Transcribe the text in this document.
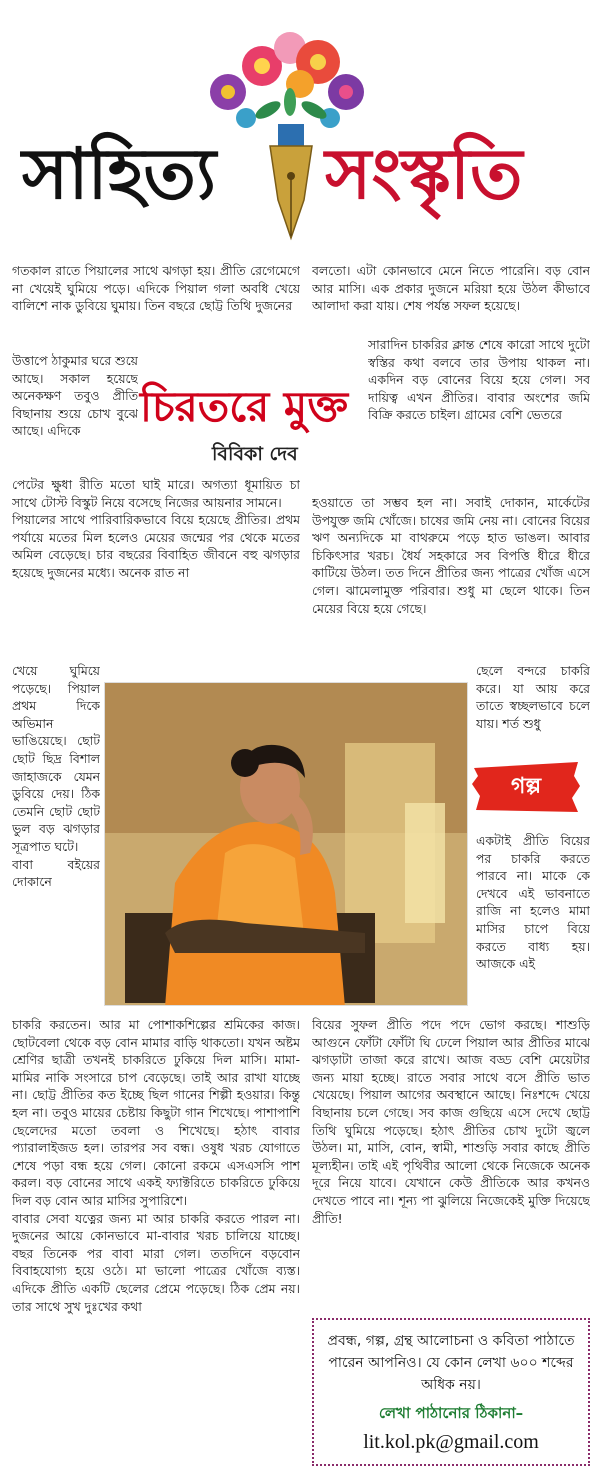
সাহিত্য সংস্কৃতি

গতকাল রাতে পিয়ালের সাথে ঝগড়া হয়। প্রীতি রেগেমেগে না খেয়েই ঘুমিয়ে পড়ে। এদিকে পিয়াল গলা অবধি খেয়ে বালিশে নাক ডুবিয়ে ঘুমায়। তিন বছরে ছোট্ট তিথি দুজনের

উত্তাপে ঠাকুমার ঘরে শুয়ে আছে। সকাল হয়েছে অনেকক্ষণ তবুও প্রীতি বিছানায় শুয়ে চোখ বুঝে আছে। এদিকে	চিরতরে মুক্ত
বিবিকা দেব

পেটের ক্ষুধা রীতি মতো ঘাই মারে। অগত্যা ধূমায়িত চা সাথে টোস্ট বিস্কুট নিয়ে বসেছে নিজের আয়নার সামনে।

পিয়ালের সাথে পারিবারিকভাবে বিয়ে হয়েছে প্রীতির। প্রথম পর্যায়ে মতের মিল হলেও মেয়ের জন্মের পর থেকে মতের অমিল বেড়েছে। চার বছরের বিবাহিত জীবনে বহু ঝগড়ার হয়েছে দুজনের মধ্যে। অনেক রাত না

খেয়ে ঘুমিয়ে পড়েছে। পিয়াল প্রথম দিকে অভিমান ভাঙিয়েছে। ছোট ছোট ছিদ্র বিশাল জাহাজকে যেমন ডুবিয়ে দেয়। ঠিক তেমনি ছোট ছোট ভুল বড় ঝগড়ার সূত্রপাত ঘটে।

বাবা বইয়ের দোকানে

চাকরি করতেন। আর মা পোশাকশিল্পের শ্রমিকের কাজ। ছোটবেলা থেকে বড় বোন মামার বাড়ি থাকতো। যখন অষ্টম শ্রেণির ছাত্রী তখনই চাকরিতে ঢুকিয়ে দিল মাসি। মামা-মামির নাকি সংসারে চাপ বেড়েছে। তাই আর রাখা যাচ্ছে না। ছোট্ট প্রীতির কত ইচ্ছে ছিল গানের শিল্পী হওয়ার। কিন্তু হল না। তবুও মায়ের চেষ্টায় কিছুটা গান শিখেছে। পাশাপাশি ছেলেদের মতো তবলা ও শিখেছে। হঠাৎ বাবার প্যারালাইজড হল। তারপর সব বন্ধ। ওষুধ খরচ যোগাতে শেষে পড়া বন্ধ হয়ে গেল। কোনো রকমে এসএসসি পাশ করল। বড় বোনের সাথে একই ফ্যাক্টরিতে চাকরিতে ঢুকিয়ে দিল বড় বোন আর মাসির সুপারিশে।

বাবার সেবা যত্নের জন্য মা আর চাকরি করতে পারল না। দুজনের আয়ে কোনভাবে মা-বাবার খরচ চালিয়ে যাচ্ছে। বছর তিনেক পর বাবা মারা গেল। ততদিনে বড়বোন বিবাহযোগ্য হয়ে ওঠে। মা ভালো পাত্রের খোঁজে ব্যস্ত। এদিকে প্রীতি একটি ছেলের প্রেমে পড়েছে। ঠিক প্রেম নয়। তার সাথে সুখ দুঃখের কথা

বলতো। এটা কোনভাবে মেনে নিতে পারেনি। বড় বোন আর মাসি। এক প্রকার দুজনে মরিয়া হয়ে উঠল কীভাবে আলাদা করা যায়। শেষ পর্যন্ত সফল হয়েছে।

সারাদিন চাকরির ক্লান্ত শেষে কারো সাথে দুটো স্বস্তির কথা বলবে তার উপায় থাকল না। একদিন বড় বোনের বিয়ে হয়ে গেল। সব দায়িত্ব এখন প্রীতির। বাবার অংশের জমি বিক্রি করতে চাইল। গ্রামের বেশি ভেতরে

হওয়াতে তা সম্ভব হল না। সবাই দোকান, মার্কেটের উপযুক্ত জমি খোঁজে। চাষের জমি নেয় না। বোনের বিয়ের ঋণ অন্যদিকে মা বাথরুমে পড়ে হাত ভাঙল। আবার চিকিৎসার খরচ। ধৈর্য সহকারে সব বিপত্তি ধীরে ধীরে কাটিয়ে উঠল। তত দিনে প্রীতির জন্য পাত্রের খোঁজ এসে গেল। ঝামেলামুক্ত পরিবার। শুধু মা ছেলে থাকে। তিন মেয়ের বিয়ে হয়ে গেছে।

ছেলে বন্দরে চাকরি করে। যা আয় করে তাতে স্বচ্ছলভাবে চলে যায়। শর্ত শুধু

গল্প

একটাই প্রীতি বিয়ের পর চাকরি করতে পারবে না। মাকে কে দেখবে এই ভাবনাতে রাজি না হলেও মামা মাসির চাপে বিয়ে করতে বাধ্য হয়। আজকে এই

বিয়ের সুফল প্রীতি পদে পদে ভোগ করছে। শাশুড়ি আগুনে ফোঁটা ফোঁটা ঘি ঢেলে পিয়াল আর প্রীতির মাঝে ঝগড়াটা তাজা করে রাখে। আজ বড্ড বেশি মেয়েটার জন্য মায়া হচ্ছে। রাতে সবার সাথে বসে প্রীতি ভাত খেয়েছে। পিয়াল আগের অবস্থানে আছে। নিঃশব্দে খেয়ে বিছানায় চলে গেছে। সব কাজ গুছিয়ে এসে দেখে ছোট্ট তিথি ঘুমিয়ে পড়েছে। হঠাৎ প্রীতির চোখ দুটো জ্বলে উঠল। মা, মাসি, বোন, স্বামী, শাশুড়ি সবার কাছে প্রীতি মূল্যহীন। তাই এই পৃথিবীর আলো থেকে নিজেকে অনেক দূরে নিয়ে যাবে। যেখানে কেউ প্রীতিকে আর কখনও দেখতে পাবে না। শূন্য পা ঝুলিয়ে নিজেকেই মুক্তি দিয়েছে প্রীতি!

প্রবন্ধ, গল্প, গ্রন্থ আলোচনা ও কবিতা পাঠাতে পারেন আপনিও। যে কোন লেখা ৬০০ শব্দের অধিক নয়।
লেখা পাঠানোর ঠিকানা–
lit.kol.pk@gmail.com
